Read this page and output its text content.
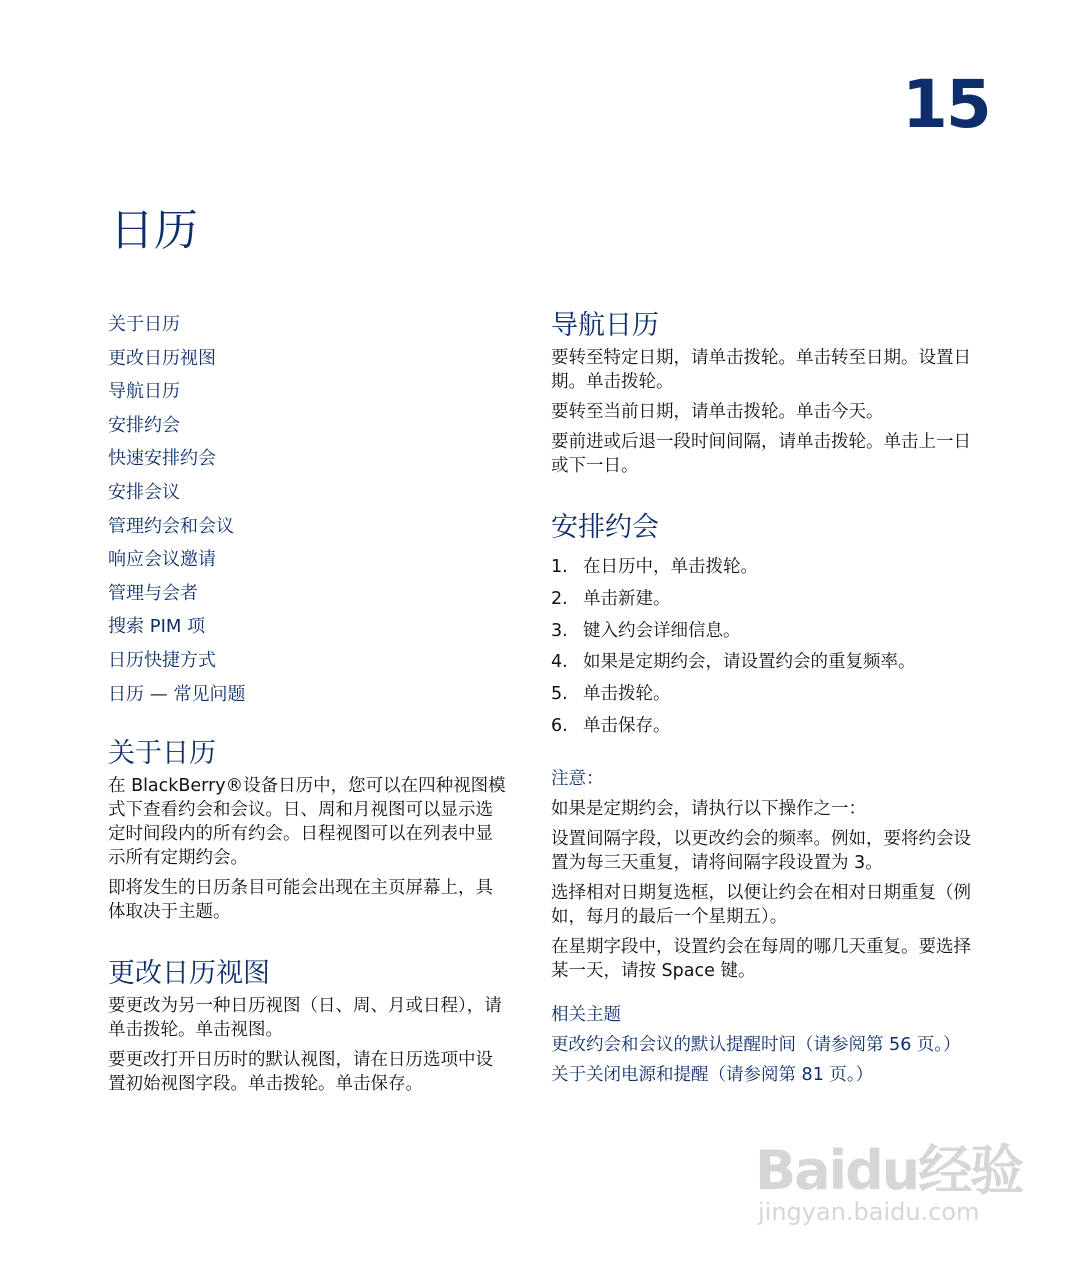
15
日历
关于日历
更改日历视图
导航日历
安排约会
快速安排约会
安排会议
管理约会和会议
响应会议邀请
管理与会者
搜索 PIM 项
日历快捷方式
日历 — 常见问题
关于日历

在 BlackBerry®设备日历中，您可以在四种视图模式下查看约会和会议。日、周和月视图可以显示选定时间段内的所有约会。日程视图可以在列表中显示所有定期约会。

即将发生的日历条目可能会出现在主页屏幕上，具体取决于主题。

更改日历视图

要更改为另一种日历视图（日、周、月或日程），请单击拨轮。单击视图。

要更改打开日历时的默认视图，请在日历选项中设置初始视图字段。单击拨轮。单击保存。

导航日历

要转至特定日期，请单击拨轮。单击转至日期。设置日期。单击拨轮。

要转至当前日期，请单击拨轮。单击今天。

要前进或后退一段时间间隔，请单击拨轮。单击上一日或下一日。

安排约会
1. 在日历中，单击拨轮。
2. 单击新建。
3. 键入约会详细信息。
4. 如果是定期约会，请设置约会的重复频率。
5. 单击拨轮。
6. 单击保存。
注意：

如果是定期约会，请执行以下操作之一：

设置间隔字段，以更改约会的频率。例如，要将约会设置为每三天重复，请将间隔字段设置为 3。

选择相对日期复选框，以便让约会在相对日期重复（例如，每月的最后一个星期五）。

在星期字段中，设置约会在每周的哪几天重复。要选择某一天，请按 Space 键。

相关主题

更改约会和会议的默认提醒时间（请参阅第 56 页。）

关于关闭电源和提醒（请参阅第 81 页。）

Baidu经验
jingyan.baidu.com
